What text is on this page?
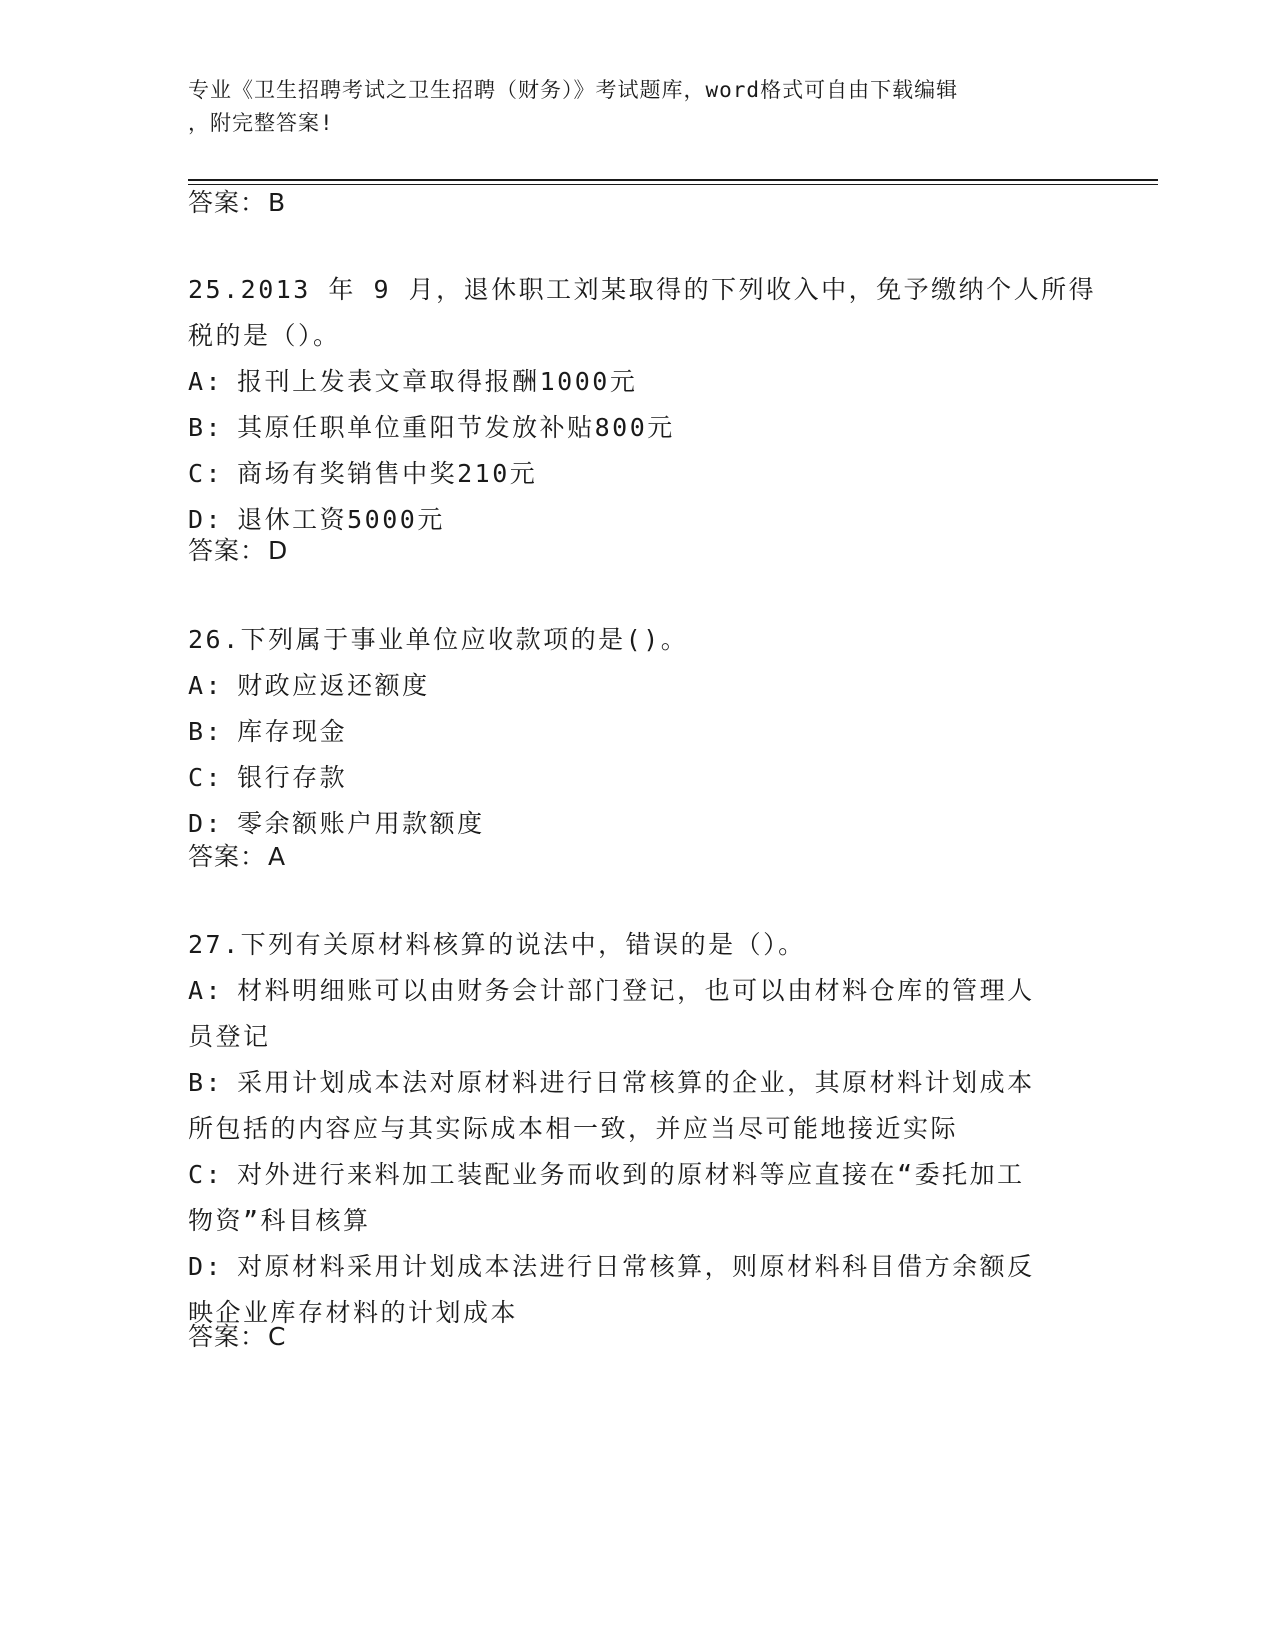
专业《卫生招聘考试之卫生招聘（财务）》考试题库，word格式可自由下载编辑
，附完整答案!
答案：B
25.2013 年 9 月，退休职工刘某取得的下列收入中，免予缴纳个人所得
税的是（）。
A: 报刊上发表文章取得报酬1000元
B: 其原任职单位重阳节发放补贴800元
C: 商场有奖销售中奖210元
D: 退休工资5000元
答案：D
26.下列属于事业单位应收款项的是()。
A: 财政应返还额度
B: 库存现金
C: 银行存款
D: 零余额账户用款额度
答案：A
27.下列有关原材料核算的说法中，错误的是（）。
A: 材料明细账可以由财务会计部门登记，也可以由材料仓库的管理人
员登记
B: 采用计划成本法对原材料进行日常核算的企业，其原材料计划成本
所包括的内容应与其实际成本相一致，并应当尽可能地接近实际
C: 对外进行来料加工装配业务而收到的原材料等应直接在“委托加工
物资”科目核算
D: 对原材料采用计划成本法进行日常核算，则原材料科目借方余额反
映企业库存材料的计划成本
答案：C
